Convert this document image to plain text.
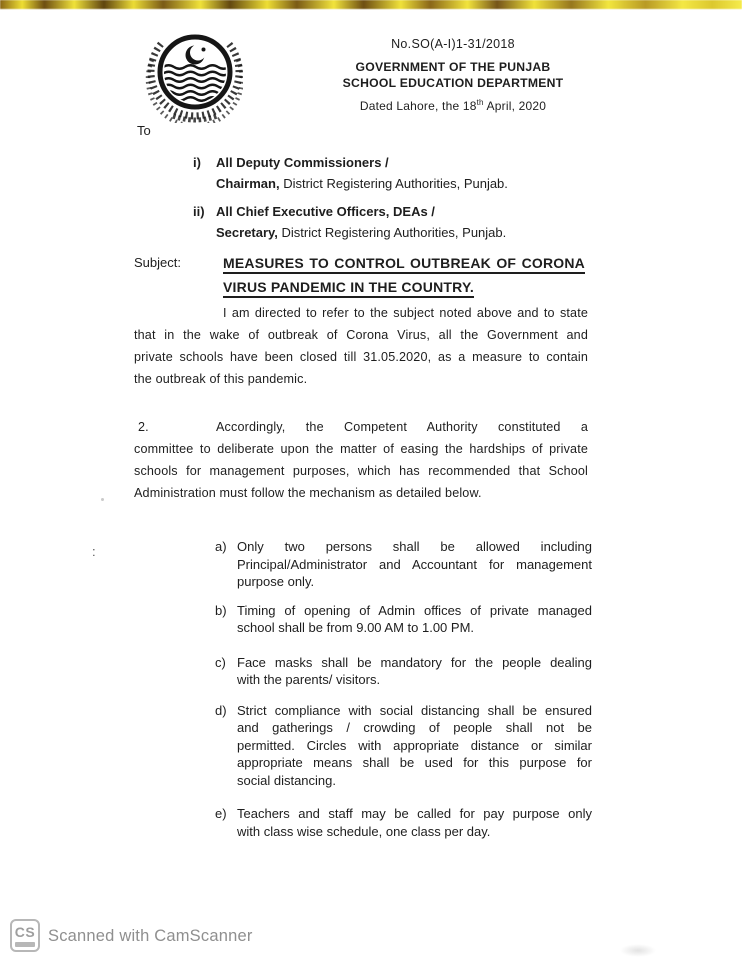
No.SO(A-I)1-31/2018
GOVERNMENT OF THE PUNJAB
SCHOOL EDUCATION DEPARTMENT
Dated Lahore, the 18th April, 2020
To
i)	All Deputy Commissioners /
Chairman, District Registering Authorities, Punjab.
ii) All Chief Executive Officers, DEAs /
Secretary, District Registering Authorities, Punjab.
Subject:	MEASURES TO CONTROL OUTBREAK OF CORONA
VIRUS PANDEMIC IN THE COUNTRY.
I am directed to refer to the subject noted above and to state
that in the wake of outbreak of Corona Virus, all the Government and
private schools have been closed till 31.05.2020, as a measure to contain
the outbreak of this pandemic.
2.	Accordingly, the Competent Authority constituted a
committee to deliberate upon the matter of easing the hardships of private
schools for management purposes, which has recommended that School
Administration must follow the mechanism as detailed below.
a) Only two persons shall be allowed including
Principal/Administrator and Accountant for management
purpose only.
b) Timing of opening of Admin offices of private managed
school shall be from 9.00 AM to 1.00 PM.
c) Face masks shall be mandatory for the people dealing
with the parents/ visitors.
d) Strict compliance with social distancing shall be ensured
and gatherings / crowding of people shall not be
permitted. Circles with appropriate distance or similar
appropriate means shall be used for this purpose for
social distancing.
e) Teachers and staff may be called for pay purpose only
with class wise schedule, one class per day.
:
CS Scanned with CamScanner
